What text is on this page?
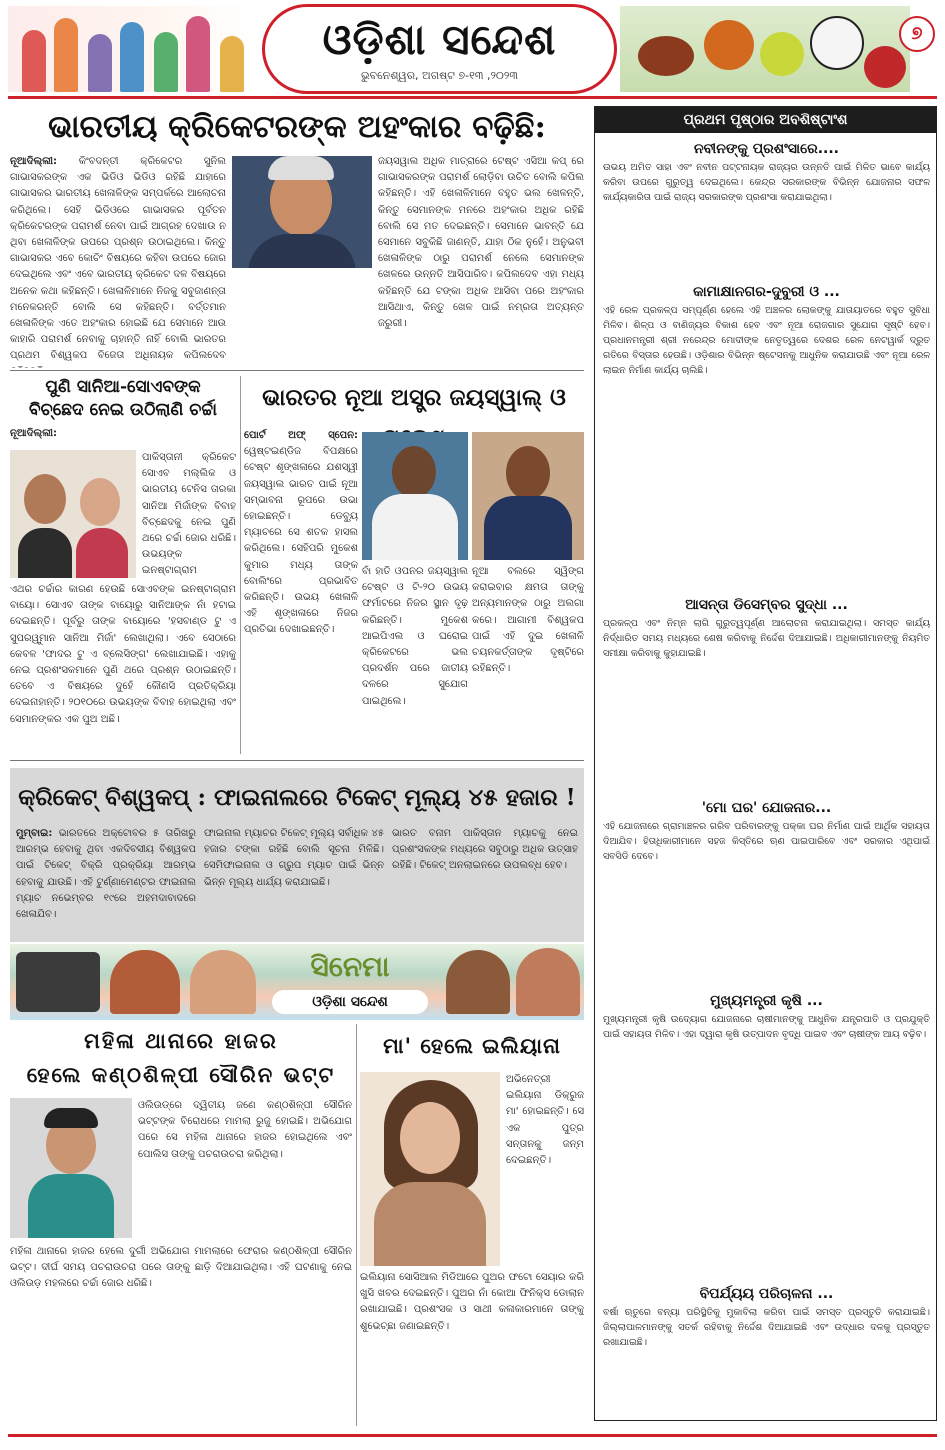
ଓଡ଼ିଶା ସନ୍ଦେଶ
ଭୁବନେଶ୍ୱର, ଅଗଷ୍ଟ ୭-୧୩ ,୨୦୨୩
୭
ଭାରତୀୟ କ୍ରିକେଟରଙ୍କ ଅହଂକାର ବଢ଼ିଛି:
ନୂଆଦିଲ୍ଲୀ: କିଂବଦନ୍ତୀ କ୍ରିକେଟର ସୁନିଲ ଗାଭାସକରଙ୍କ ଏକ ଭିଡିଓ ଭିଡିଓ ରହିଛି ଯାହାରେ ଗାଭାସକର ଭାରତୀୟ ଖେଳାଳିଙ୍କ ସମ୍ପର୍କରେ ଆଲୋଚନା କରିଥିଲେ। ସେହି ଭିଡିଓରେ ଗାଭାସକର ପୂର୍ବତନ କ୍ରିକେଟରଙ୍କ ପରାମର୍ଶ ନେବା ପାଇଁ ଆଗ୍ରହ ଦେଖାଉ ନ ଥିବା ଖେଳାଳିଙ୍କ ଉପରେ ପ୍ରଶ୍ନ ଉଠାଇଥିଲେ। କିନ୍ତୁ ଗାଭାସକର ଏବେ କୋଚିଂ ବିଷୟରେ କହିବା ଉପରେ ଜୋର ଦେଇଥିଲେ ଏବଂ ଏବେ ଭାରତୀୟ କ୍ରିକେଟ ଦଳ ବିଷୟରେ ଅନେକ କଥା କହିଛନ୍ତି। ଖେଳାଳିମାନେ ନିଜକୁ ସବୁଜାଣନ୍ତା ମନେକରନ୍ତି ବୋଲି ସେ କହିଛନ୍ତି। ବର୍ତ୍ତମାନ ଖେଳାଳିଙ୍କ ଏତେ ଅହଂକାର ହୋଇଛି ଯେ ସେମାନେ ଆଉ କାହାରି ପରାମର୍ଶ ନେବାକୁ ଚାହାନ୍ତି ନାହିଁ ବୋଲି ଭାରତର ପ୍ରଥମ ବିଶ୍ୱକପ ବିଜେତା ଅଧିନାୟକ କପିଲଦେବ
ଜୟସୱାଲ ଅଧିକ ମାତ୍ରାରେ ଟେଷ୍ଟ ଏସିଆ କପ୍ ରେ ଗାଭାସକରଙ୍କ ପରାମର୍ଶ ଲୋଡ଼ିବା ଉଚିତ ବୋଲି କପିଲ କହିଛନ୍ତି। ଏହି ଖେଳାଳିମାନେ ବହୁତ ଭଲ ଖେଳନ୍ତି, କିନ୍ତୁ ସେମାନଙ୍କ ମନରେ ଅହଂକାର ଅଧିକ ରହିଛି ବୋଲି ସେ ମତ ଦେଇଛନ୍ତି। ସେମାନେ ଭାବନ୍ତି ଯେ ସେମାନେ ସବୁକିଛି ଜାଣନ୍ତି, ଯାହା ଠିକ ନୁହେଁ। ଅନୁଭବୀ ଖେଳାଳିଙ୍କ ଠାରୁ ପରାମର୍ଶ ନେଲେ ସେମାନଙ୍କ ଖେଳରେ ଉନ୍ନତି ଆସିପାରିବ। କପିଲଦେବ ଏହା ମଧ୍ୟ କହିଛନ୍ତି ଯେ ଟଙ୍କା ଅଧିକ ଆସିବା ପରେ ଅହଂକାର ଆସିଥାଏ, କିନ୍ତୁ ଖେଳ ପାଇଁ ନମ୍ରତା ଅତ୍ୟନ୍ତ ଜରୁରୀ।
ପୁଣି ସାନିଆ-ସୋଏବଙ୍କ
ବିଚ୍ଛେଦ ନେଇ ଉଠିଲାଣି ଚର୍ଚ୍ଚା
ନୂଆଦିଲ୍ଲୀ:
ପାକିସ୍ତାନୀ କ୍ରିକେଟ ସୋଏବ ମଲ୍ଲିକ ଓ ଭାରତୀୟ ଟେନିସ ତାରକା ସାନିଆ ମିର୍ଜାଙ୍କ ବିବାହ ବିଚ୍ଛେଦକୁ ନେଇ ପୁଣି ଥରେ ଚର୍ଚ୍ଚା ଜୋର ଧରିଛି। ଉଭୟଙ୍କ ଇନଷ୍ଟାଗ୍ରାମ
ଏଥର ଚର୍ଚ୍ଚାର କାରଣ ହେଉଛି ସୋଏବଙ୍କ ଇନଷ୍ଟାଗ୍ରାମ ବାୟୋ। ସୋଏବ ତାଙ୍କ ବାୟୋରୁ ସାନିଆଙ୍କ ନାଁ ହଟାଇ ଦେଇଛନ୍ତି। ପୂର୍ବରୁ ତାଙ୍କ ବାୟୋରେ 'ହସବାଣ୍ଡ ଟୁ ଏ ସୁପରୱୁମାନ ସାନିଆ ମିର୍ଜା' ଲେଖାଥିଲା। ଏବେ ସେଠାରେ କେବଳ 'ଫାଦର ଟୁ ଏ ବ୍ଲେସିଙ୍ଗ' ଲେଖାଯାଇଛି। ଏହାକୁ ନେଇ ପ୍ରଶଂସକମାନେ ପୁଣି ଥରେ ପ୍ରଶ୍ନ ଉଠାଇଛନ୍ତି। ତେବେ ଏ ବିଷୟରେ ଦୁହେଁ କୌଣସି ପ୍ରତିକ୍ରିୟା ଦେଇନାହାନ୍ତି। ୨୦୧୦ରେ ଉଭୟଙ୍କ ବିବାହ ହୋଇଥିଲା ଏବଂ ସେମାନଙ୍କର ଏକ ପୁଅ ଅଛି।
ଭାରତର ନୂଆ ଅସ୍ତ୍ର ଜୟସ୍ୱାଲ୍ ଓ
ପୋର୍ଟ ଅଫ୍ ସ୍ପେନ: ୱେଷ୍ଟଇଣ୍ଡିଜ ବିପକ୍ଷରେ ଟେଷ୍ଟ ଶୃଙ୍ଖଳାରେ ଯଶସ୍ୱୀ ଜୟସ୍ୱାଲ ଭାରତ ପାଇଁ ନୂଆ ସମ୍ଭାବନା ରୂପରେ ଉଭା ହୋଇଛନ୍ତି। ଡେବ୍ୟୁ ମ୍ୟାଚରେ ସେ ଶତକ ହାସଲ କରିଥିଲେ। ସେହିପରି ମୁକେଶ କୁମାର ମଧ୍ୟ ତାଙ୍କ ବୋଲିଂରେ ପ୍ରଭାବିତ କରିଛନ୍ତି। ଉଭୟ ଖେଳାଳି ଏହି ଶୃଙ୍ଖଳାରେ ନିଜର ପ୍ରତିଭା ଦେଖାଇଛନ୍ତି।
ବାଁ ହାତି ଓପନର ଜୟସ୍ୱାଲ ଟେଷ୍ଟ ଓ ଟି-୨୦ ଉଭୟ ଫର୍ମାଟରେ ନିଜର ସ୍ଥାନ ଦୃଢ଼ କରିଛନ୍ତି। ମୁକେଶ ଆଇପିଏଲ ଓ ଘରୋଇ କ୍ରିକେଟରେ ଭଲ ପ୍ରଦର୍ଶନ ପରେ ଜାତୀୟ ଦଳରେ ସୁଯୋଗ ପାଇଥିଲେ।
ନୂଆ ବଲରେ ସ୍ୱିଙ୍ଗ କରାଇବାର କ୍ଷମତା ତାଙ୍କୁ ଅନ୍ୟମାନଙ୍କ ଠାରୁ ଅଲଗା କରେ। ଆଗାମୀ ବିଶ୍ୱକପ ପାଇଁ ଏହି ଦୁଇ ଖେଳାଳି ଚୟନକର୍ତ୍ତାଙ୍କ ଦୃଷ୍ଟିରେ ରହିଛନ୍ତି।
କ୍ରିକେଟ୍ ବିଶ୍ୱକପ୍ : ଫାଇନାଲରେ ଟିକେଟ୍ ମୂଲ୍ୟ ୪୫ ହଜାର !
ମୁମ୍ବାଇ: ଭାରତରେ ଅକ୍ଟୋବର ୫ ତାରିଖରୁ ଆରମ୍ଭ ହେବାକୁ ଥିବା ଏକଦିବସୀୟ ବିଶ୍ୱକପ ପାଇଁ ଟିକେଟ୍ ବିକ୍ରି ପ୍ରକ୍ରିୟା ଆରମ୍ଭ ହେବାକୁ ଯାଉଛି। ଏହି ଟୁର୍ଣ୍ଣାମେଣ୍ଟର ଫାଇନାଲ ମ୍ୟାଚ ନଭେମ୍ବର ୧୯ରେ ଅହମଦାବାଦରେ ଖେଳାଯିବ।
ଫାଇନାଲ ମ୍ୟାଚର ଟିକେଟ୍ ମୂଲ୍ୟ ସର୍ବାଧିକ ୪୫ ହଜାର ଟଙ୍କା ରହିଛି ବୋଲି ସୂଚନା ମିଳିଛି। ସେମିଫାଇନାଲ ଓ ଗ୍ରୁପ ମ୍ୟାଚ ପାଇଁ ଭିନ୍ନ ଭିନ୍ନ ମୂଲ୍ୟ ଧାର୍ଯ୍ୟ କରାଯାଇଛି।
ଭାରତ ବନାମ ପାକିସ୍ତାନ ମ୍ୟାଚକୁ ନେଇ ପ୍ରଶଂସକଙ୍କ ମଧ୍ୟରେ ସବୁଠାରୁ ଅଧିକ ଉତ୍ସାହ ରହିଛି। ଟିକେଟ୍ ଅନଲାଇନରେ ଉପଲବ୍ଧ ହେବ।
ସିନେମା
ଓଡ଼ିଶା ସନ୍ଦେଶ
ମହିଳା ଥାନାରେ ହାଜର
ହେଲେ କଣ୍ଠଶିଳ୍ପୀ ସୌରିନ ଭଟ୍ଟ
ଓଲିଉଡ୍ରେ ଦ୍ୱିତୀୟ ଜଣେ କଣ୍ଠଶିଳ୍ପୀ ସୌରିନ ଭଟ୍ଟଙ୍କ ବିରୋଧରେ ମାମଲା ରୁଜୁ ହୋଇଛି। ଅଭିଯୋଗ ପରେ ସେ ମହିଳା ଥାନାରେ ହାଜର ହୋଇଥିଲେ ଏବଂ ପୋଲିସ ତାଙ୍କୁ ପଚରାଉଚରା କରିଥିଲା।
ମହିଳା ଥାନାରେ ହାଜର ହେଲେ ଦୁର୍ଗୀ ଅଭିଯୋଗ ମାମଲାରେ ଫେରାର କଣ୍ଠଶିଳ୍ପୀ ସୌରିନ ଭଟ୍ଟ। ଦୀର୍ଘ ସମୟ ପଚରାଉଚରା ପରେ ତାଙ୍କୁ ଛାଡ଼ି ଦିଆଯାଇଥିଲା। ଏହି ଘଟଣାକୁ ନେଇ ଓଲିଉଡ଼ ମହଲରେ ଚର୍ଚ୍ଚା ଜୋର ଧରିଛି।
ମା' ହେଲେ ଇଲିୟାନା
ଅଭିନେତ୍ରୀ ଇଲିୟାନା ଡିକ୍ରୁଜ ମା' ହୋଇଛନ୍ତି। ସେ ଏକ ପୁତ୍ର ସନ୍ତାନକୁ ଜନ୍ମ ଦେଇଛନ୍ତି।
ଇଲିୟାନା ସୋସିଆଲ ମିଡିଆରେ ପୁଅର ଫଟୋ ସେୟାର କରି ଖୁସି ଖବର ଦେଇଛନ୍ତି। ପୁଅର ନାଁ କୋଆ ଫିନିକ୍ସ ଡୋଲାନ ରଖାଯାଇଛି। ପ୍ରଶଂସକ ଓ ସାଥୀ କଳାକାରମାନେ ତାଙ୍କୁ ଶୁଭେଚ୍ଛା ଜଣାଇଛନ୍ତି।
ପ୍ରଥମ ପୃଷ୍ଠାର ଅବଶିଷ୍ଟାଂଶ
ନବୀନଙ୍କୁ ପ୍ରଶଂସାରେ....
ଉଭୟ ଅମିତ ସାହା ଏବଂ ନବୀନ ପଟ୍ଟନାୟକ ରାଜ୍ୟର ଉନ୍ନତି ପାଇଁ ମିଳିତ ଭାବେ କାର୍ଯ୍ୟ କରିବା ଉପରେ ଗୁରୁତ୍ୱ ଦେଇଥିଲେ। କେନ୍ଦ୍ର ସରକାରଙ୍କ ବିଭିନ୍ନ ଯୋଜନାର ସଫଳ କାର୍ଯ୍ୟକାରିତା ପାଇଁ ରାଜ୍ୟ ସରକାରଙ୍କ ପ୍ରଶଂସା କରାଯାଇଥିଲା।
କାମାକ୍ଷାନଗର-ଦୁବୁରୀ ଓ ...
ଏହି ରେଳ ପ୍ରକଳ୍ପ ସମ୍ପୂର୍ଣ୍ଣ ହେଲେ ଏହି ଅଞ୍ଚଳର ଲୋକଙ୍କୁ ଯାତାୟାତରେ ବହୁତ ସୁବିଧା ମିଳିବ। ଶିଳ୍ପ ଓ ବାଣିଜ୍ୟର ବିକାଶ ହେବ ଏବଂ ନୂଆ ରୋଜଗାର ସୁଯୋଗ ସୃଷ୍ଟି ହେବ। ପ୍ରଧାନମନ୍ତ୍ରୀ ଶ୍ରୀ ନରେନ୍ଦ୍ର ମୋଦୀଙ୍କ ନେତୃତ୍ୱରେ ଦେଶର ରେଳ ନେଟୱାର୍କ ଦ୍ରୁତ ଗତିରେ ବିସ୍ତାର ହେଉଛି। ଓଡ଼ିଶାର ବିଭିନ୍ନ ଷ୍ଟେସନକୁ ଆଧୁନିକ କରାଯାଉଛି ଏବଂ ନୂଆ ରେଳ ଲାଇନ ନିର୍ମାଣ କାର୍ଯ୍ୟ ଚାଲିଛି।
ଆସନ୍ତା ଡିସେମ୍ବର ସୁଦ୍ଧା ...
ପ୍ରକଳ୍ପ ଏବଂ ନିମ୍ନ ଲାଗି ଗୁରୁତ୍ୱପୂର୍ଣ୍ଣ ଆଲୋଚନା କରାଯାଇଥିଲା। ସମସ୍ତ କାର୍ଯ୍ୟ ନିର୍ଦ୍ଧାରିତ ସମୟ ମଧ୍ୟରେ ଶେଷ କରିବାକୁ ନିର୍ଦ୍ଦେଶ ଦିଆଯାଇଛି। ଅଧିକାରୀମାନଙ୍କୁ ନିୟମିତ ସମୀକ୍ଷା କରିବାକୁ କୁହାଯାଇଛି।
'ମୋ ଘର' ଯୋଜନାର...
ଏହି ଯୋଜନାରେ ଗ୍ରାମାଞ୍ଚଳର ଗରିବ ପରିବାରଙ୍କୁ ପକ୍କା ଘର ନିର୍ମାଣ ପାଇଁ ଆର୍ଥିକ ସହାୟତା ଦିଆଯିବ। ହିତାଧିକାରୀମାନେ ସହଜ କିସ୍ତିରେ ଋଣ ପାଇପାରିବେ ଏବଂ ସରକାର ଏଥିପାଇଁ ସବସିଡି ଦେବେ।
ମୁଖ୍ୟମନ୍ତ୍ରୀ କୃଷି ...
ମୁଖ୍ୟମନ୍ତ୍ରୀ କୃଷି ଉଦ୍ୟୋଗ ଯୋଜନାରେ ଚାଷୀମାନଙ୍କୁ ଆଧୁନିକ ଯନ୍ତ୍ରପାତି ଓ ପ୍ରଯୁକ୍ତି ପାଇଁ ସହାୟତା ମିଳିବ। ଏହା ଦ୍ୱାରା କୃଷି ଉତ୍ପାଦନ ବୃଦ୍ଧି ପାଇବ ଏବଂ ଚାଷୀଙ୍କ ଆୟ ବଢ଼ିବ।
ବିପର୍ଯ୍ୟୟ ପରିଚାଳନା ...
ବର୍ଷା ଋତୁରେ ବନ୍ୟା ପରିସ୍ଥିତିକୁ ମୁକାବିଲା କରିବା ପାଇଁ ସମସ୍ତ ପ୍ରସ୍ତୁତି କରାଯାଇଛି। ଜିଲ୍ଲାପାଳମାନଙ୍କୁ ସତର୍କ ରହିବାକୁ ନିର୍ଦ୍ଦେଶ ଦିଆଯାଇଛି ଏବଂ ଉଦ୍ଧାର ଦଳକୁ ପ୍ରସ୍ତୁତ ରଖାଯାଇଛି।
